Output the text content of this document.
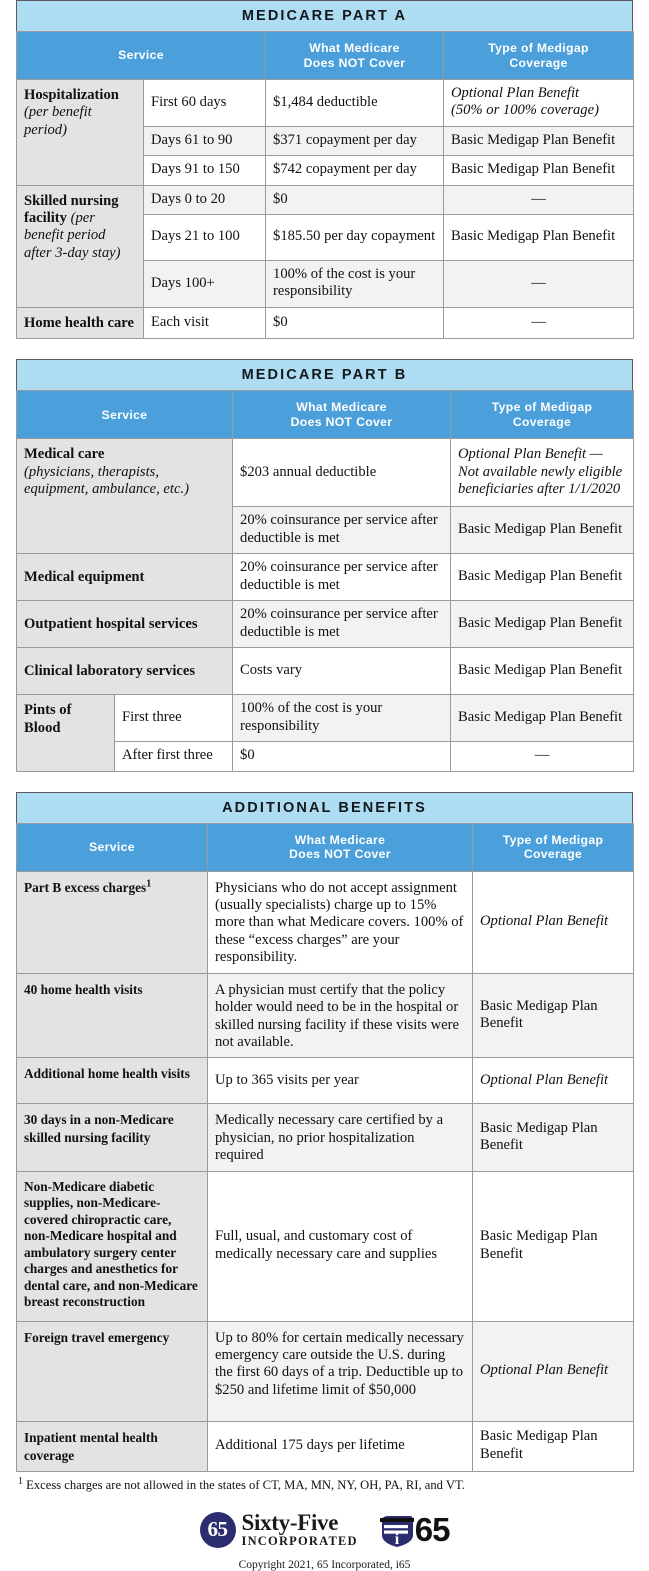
MEDICARE PART A
Service		What Medicare
Does NOT Cover	Type of Medigap
Coverage
Hospitalization
(per benefit period)	First 60 days	$1,484 deductible	Optional Plan Benefit
(50% or 100% coverage)
	Days 61 to 90	$371 copayment per day	Basic Medigap Plan Benefit
	Days 91 to 150	$742 copayment per day	Basic Medigap Plan Benefit
Skilled nursing
facility (per benefit period after 3-day stay)	Days 0 to 20	$0	—
	Days 21 to 100	$185.50 per day copayment	Basic Medigap Plan Benefit
	Days 100+	100% of the cost is your responsibility	—
Home health care	Each visit	$0	—
MEDICARE PART B
Service		What Medicare
Does NOT Cover	Type of Medigap
Coverage
Medical care
(physicians, therapists, equipment, ambulance, etc.)		$203 annual deductible	Optional Plan Benefit — Not available newly eligible beneficiaries after 1/1/2020
		20% coinsurance per service after deductible is met	Basic Medigap Plan Benefit
Medical equipment		20% coinsurance per service after deductible is met	Basic Medigap Plan Benefit
Outpatient hospital services		20% coinsurance per service after deductible is met	Basic Medigap Plan Benefit
Clinical laboratory services		Costs vary	Basic Medigap Plan Benefit
Pints of Blood	First three	100% of the cost is your responsibility	Basic Medigap Plan Benefit
	After first three	$0	—
ADDITIONAL BENEFITS
Service	What Medicare
Does NOT Cover	Type of Medigap
Coverage
Part B excess charges$^1$	Physicians who do not accept assignment (usually specialists) charge up to 15% more than what Medicare covers. 100% of these “excess charges” are your responsibility.	Optional Plan Benefit
40 home health visits	A physician must certify that the policy holder would need to be in the hospital or skilled nursing facility if these visits were not available.	Basic Medigap Plan Benefit
Additional home health visits	Up to 365 visits per year	Optional Plan Benefit
30 days in a non-Medicare skilled nursing facility	Medically necessary care certified by a physician, no prior hospitalization required	Basic Medigap Plan Benefit
Non-Medicare diabetic supplies, non-Medicare-covered chiropractic care, non-Medicare hospital and ambulatory surgery center charges and anesthetics for dental care, and non-Medicare breast reconstruction	Full, usual, and customary cost of medically necessary care and supplies	Basic Medigap Plan Benefit
Foreign travel emergency	Up to 80% for certain medically necessary emergency care outside the U.S. during the first 60 days of a trip. Deductible up to $250 and lifetime limit of $50,000	Optional Plan Benefit
Inpatient mental health coverage	Additional 175 days per lifetime	Basic Medigap Plan Benefit
$^1$ Excess charges are not allowed in the states of CT, MA, MN, NY, OH, PA, RI, and VT.
65 Sixty-Five
INCORPORATED i 65
Copyright 2021, 65 Incorporated, i65
